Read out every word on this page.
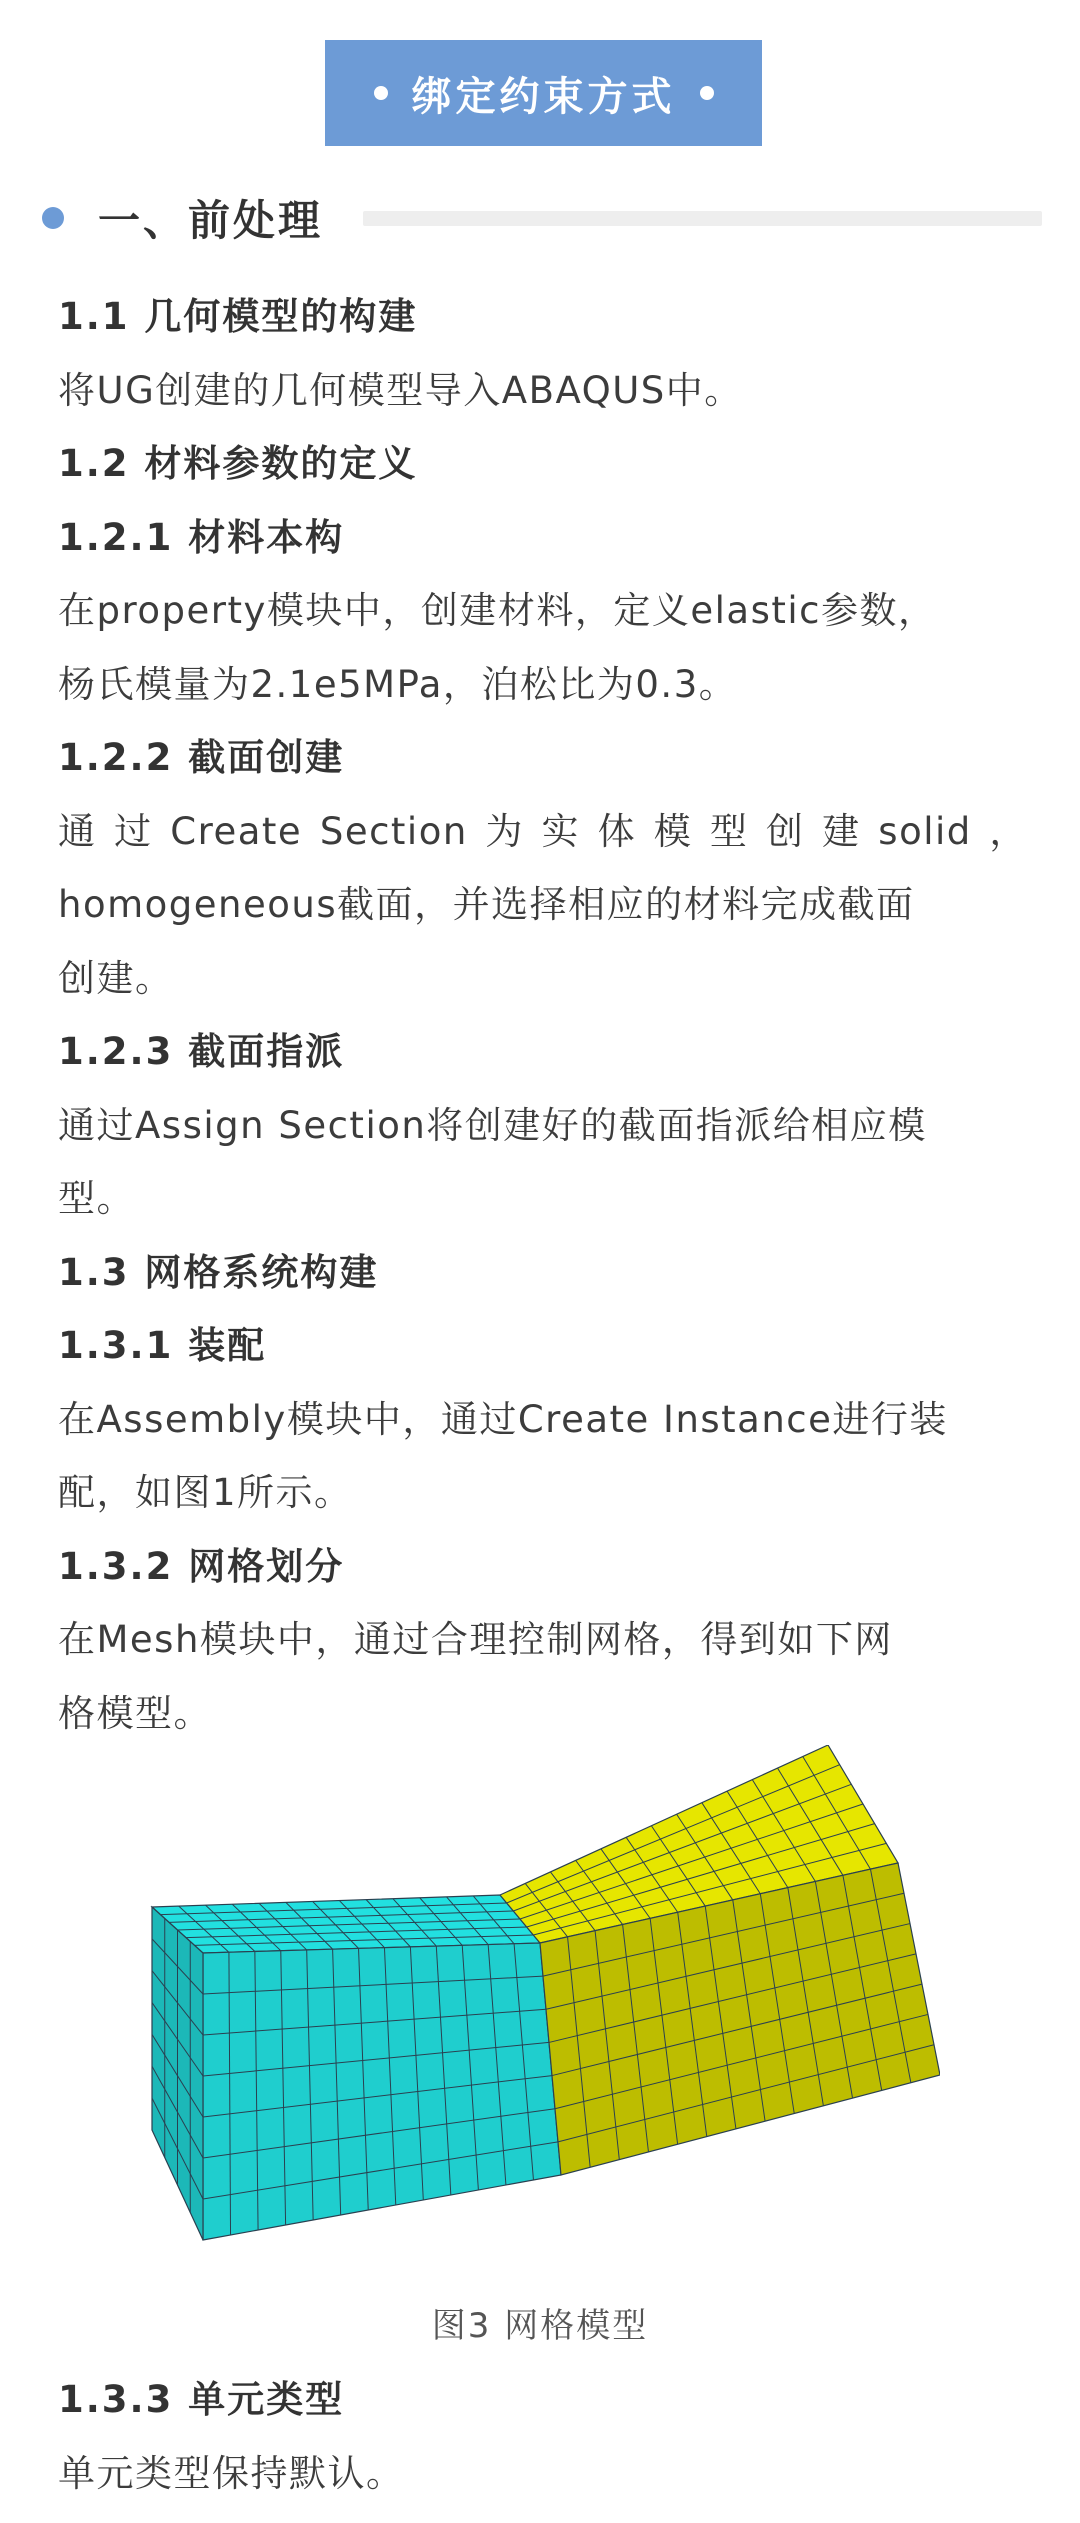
绑定约束方式
一、前处理
1.1 几何模型的构建
将UG创建的几何模型导入ABAQUS中。
1.2 材料参数的定义
1.2.1 材料本构
在property模块中，创建材料，定义elastic参数，
杨氏模量为2.1e5MPa，泊松比为0.3。
1.2.2 截面创建
通 过 Create Section 为 实 体 模 型 创 建 solid ，
homogeneous截面，并选择相应的材料完成截面
创建。
1.2.3 截面指派
通过Assign Section将创建好的截面指派给相应模
型。
1.3 网格系统构建
1.3.1 装配
在Assembly模块中，通过Create Instance进行装
配，如图1所示。
1.3.2 网格划分
在Mesh模块中，通过合理控制网格，得到如下网
格模型。
图3 网格模型
1.3.3 单元类型
单元类型保持默认。
